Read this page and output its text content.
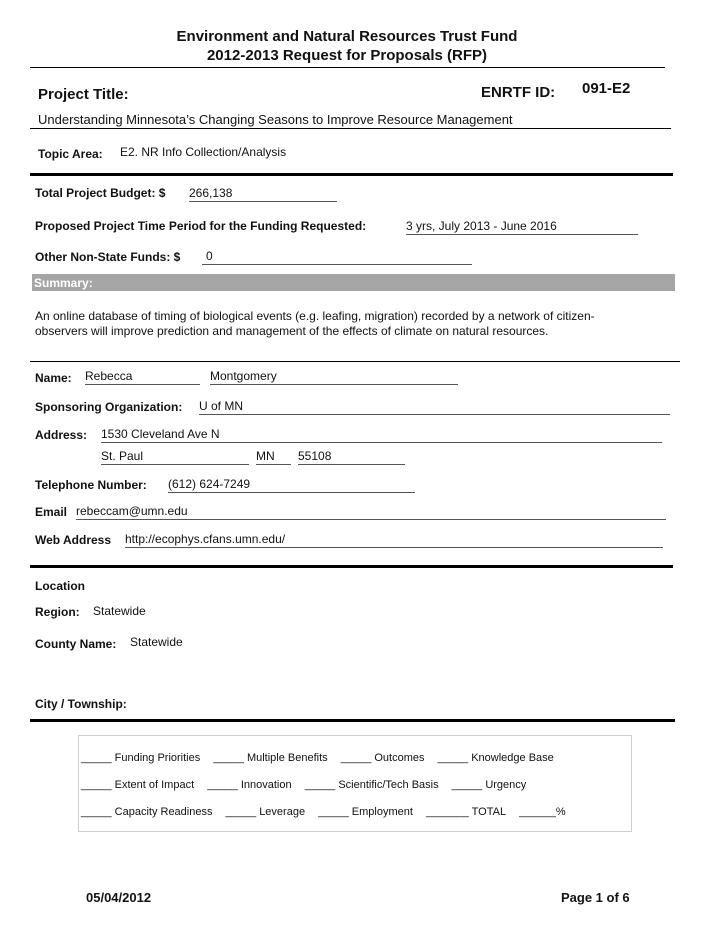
Environment and Natural Resources Trust Fund
2012-2013 Request for Proposals (RFP)
Project Title:	ENRTF ID: 091-E2
Understanding Minnesota’s Changing Seasons to Improve Resource Management
Topic Area: E2. NR Info Collection/Analysis
Total Project Budget: $ 266,138
Proposed Project Time Period for the Funding Requested:	3 yrs, July 2013 - June 2016
Other Non-State Funds: $	0
Summary:
An online database of timing of biological events (e.g. leafing, migration) recorded by a network of citizen-
observers will improve prediction and management of the effects of climate on natural resources.
Name: Rebecca	Montgomery
Sponsoring Organization: U of MN
Address: 1530 Cleveland Ave N
St. Paul	MN	55108
Telephone Number: (612) 624-7249
Email rebeccam@umn.edu
Web Address http://ecophys.cfans.umn.edu/
Location
Region: Statewide
County Name: Statewide
City / Township:
_____ Funding Priorities _____ Multiple Benefits _____ Outcomes _____ Knowledge Base
_____ Extent of Impact _____ Innovation _____ Scientific/Tech Basis _____ Urgency
_____ Capacity Readiness _____ Leverage _____ Employment _______ TOTAL ______%
05/04/2012	Page 1 of 6
